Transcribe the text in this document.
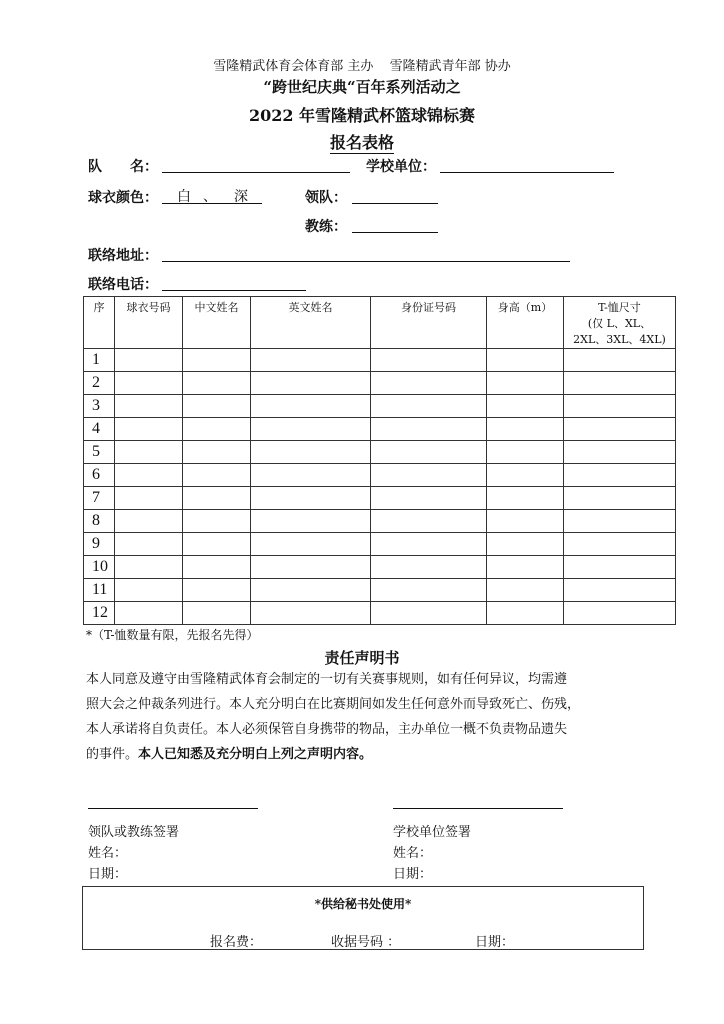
雪隆精武体育会体育部 主办 雪隆精武青年部 协办
“跨世纪庆典“百年系列活动之
2022 年雪隆精武杯篮球锦标赛
报名表格
队　　名：	学校单位：
球衣颜色： 白 、 深	领队：
教练：
联络地址：
联络电话：
序	球衣号码	中文姓名	英文姓名	身份证号码	身高（m）	T-恤尺寸
(仅 L、XL、
2XL、3XL、4XL)

1						
2						
3						
4						
5						
6						
7						
8						
9						
10						
11						
12						
*（T-恤数量有限，先报名先得）
责任声明书
本人同意及遵守由雪隆精武体育会制定的一切有关赛事规则，如有任何异议，均需遵
照大会之仲裁条列进行。本人充分明白在比赛期间如发生任何意外而导致死亡、伤残，
本人承诺将自负责任。本人必须保管自身携带的物品，主办单位一概不负责物品遗失
的事件。本人已知悉及充分明白上列之声明内容。
领队或教练签署
姓名：
日期：
学校单位签署
姓名：
日期：
*供给秘书处使用*
报名费：	收据号码 ：	日期：
